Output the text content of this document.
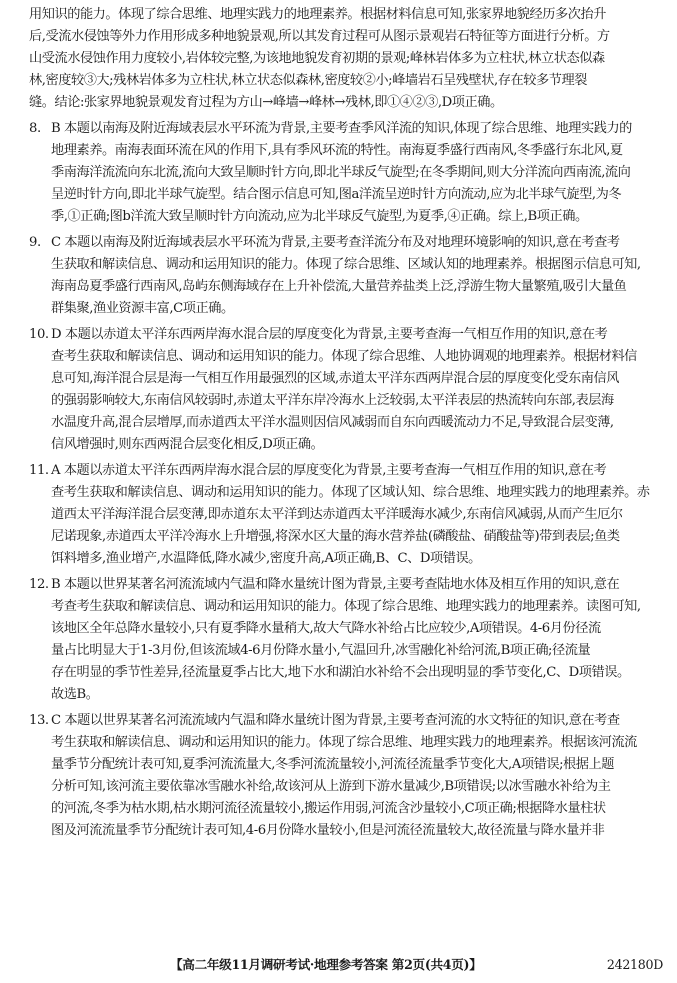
用知识的能力。体现了综合思维、地理实践力的地理素养。根据材料信息可知,张家界地貌经历多次抬升
后,受流水侵蚀等外力作用形成多种地貌景观,所以其发育过程可从图示景观岩石特征等方面进行分析。方
山受流水侵蚀作用力度较小,岩体较完整,为该地地貌发育初期的景观;峰林岩体多为立柱状,林立状态似森
林,密度较③大;残林岩体多为立柱状,林立状态似森林,密度较②小;峰墙岩石呈残壁状,存在较多节理裂
缝。结论:张家界地貌景观发育过程为方山→峰墙→峰林→残林,即①④②③,D项正确。
8. B 本题以南海及附近海域表层水平环流为背景,主要考查季风洋流的知识,体现了综合思维、地理实践力的
地理素养。南海表面环流在风的作用下,具有季风环流的特性。南海夏季盛行西南风,冬季盛行东北风,夏
季南海洋流流向东北流,流向大致呈顺时针方向,即北半球反气旋型;在冬季期间,则大分洋流向西南流,流向
呈逆时针方向,即北半球气旋型。结合图示信息可知,图a洋流呈逆时针方向流动,应为北半球气旋型,为冬
季,①正确;图b洋流大致呈顺时针方向流动,应为北半球反气旋型,为夏季,④正确。综上,B项正确。
9. C 本题以南海及附近海域表层水平环流为背景,主要考查洋流分布及对地理环境影响的知识,意在考查考
生获取和解读信息、调动和运用知识的能力。体现了综合思维、区域认知的地理素养。根据图示信息可知,
海南岛夏季盛行西南风,岛屿东侧海域存在上升补偿流,大量营养盐类上泛,浮游生物大量繁殖,吸引大量鱼
群集聚,渔业资源丰富,C项正确。
10. D 本题以赤道太平洋东西两岸海水混合层的厚度变化为背景,主要考查海一气相互作用的知识,意在考
查考生获取和解读信息、调动和运用知识的能力。体现了综合思维、人地协调观的地理素养。根据材料信
息可知,海洋混合层是海一气相互作用最强烈的区域,赤道太平洋东西两岸混合层的厚度变化受东南信风
的强弱影响较大,东南信风较弱时,赤道太平洋东岸冷海水上泛较弱,太平洋表层的热流转向东部,表层海
水温度升高,混合层增厚,而赤道西太平洋水温则因信风减弱而自东向西暖流动力不足,导致混合层变薄,
信风增强时,则东西两混合层变化相反,D项正确。
11. A 本题以赤道太平洋东西两岸海水混合层的厚度变化为背景,主要考查海一气相互作用的知识,意在考
查考生获取和解读信息、调动和运用知识的能力。体现了区域认知、综合思维、地理实践力的地理素养。赤
道西太平洋海洋混合层变薄,即赤道东太平洋到达赤道西太平洋暖海水减少,东南信风减弱,从而产生厄尔
尼诺现象,赤道西太平洋冷海水上升增强,将深水区大量的海水营养盐(磷酸盐、硝酸盐等)带到表层;鱼类
饵料增多,渔业增产,水温降低,降水减少,密度升高,A项正确,B、C、D项错误。
12. B 本题以世界某著名河流流域内气温和降水量统计图为背景,主要考查陆地水体及相互作用的知识,意在
考查考生获取和解读信息、调动和运用知识的能力。体现了综合思维、地理实践力的地理素养。读图可知,
该地区全年总降水量较小,只有夏季降水量稍大,故大气降水补给占比应较少,A项错误。4-6月份径流
量占比明显大于1-3月份,但该流域4-6月份降水量小,气温回升,冰雪融化补给河流,B项正确;径流量
存在明显的季节性差异,径流量夏季占比大,地下水和湖泊水补给不会出现明显的季节变化,C、D项错误。
故选B。
13. C 本题以世界某著名河流流域内气温和降水量统计图为背景,主要考查河流的水文特征的知识,意在考查
考生获取和解读信息、调动和运用知识的能力。体现了综合思维、地理实践力的地理素养。根据该河流流
量季节分配统计表可知,夏季河流流量大,冬季河流流量较小,河流径流量季节变化大,A项错误;根据上题
分析可知,该河流主要依靠冰雪融水补给,故该河从上游到下游水量减少,B项错误;以冰雪融水补给为主
的河流,冬季为枯水期,枯水期河流径流量较小,搬运作用弱,河流含沙量较小,C项正确;根据降水量柱状
图及河流流量季节分配统计表可知,4-6月份降水量较小,但是河流径流量较大,故径流量与降水量并非
【高二年级11月调研考试·地理参考答案 第2页(共4页)】	242180D
